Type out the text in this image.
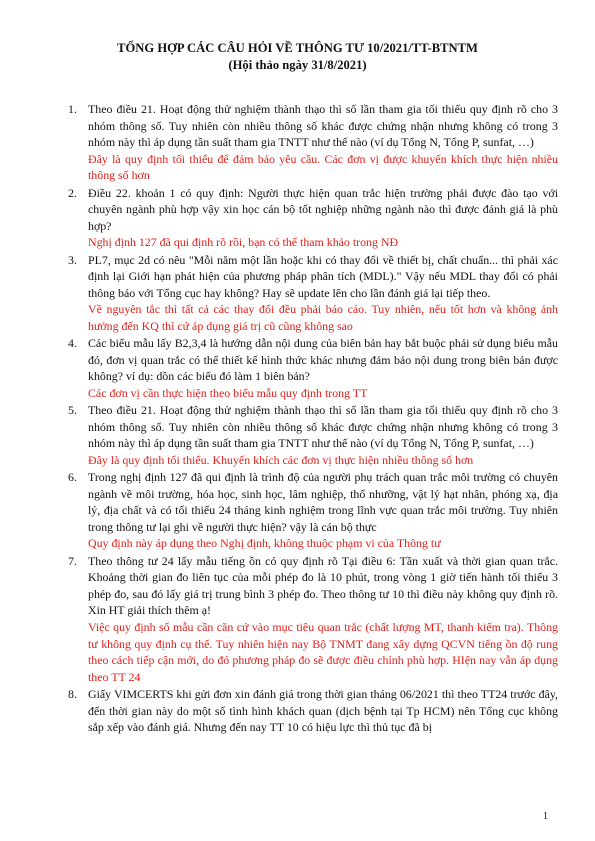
TỔNG HỢP CÁC CÂU HỎI VỀ THÔNG TƯ 10/2021/TT-BTNTM
(Hội thảo ngày 31/8/2021)
1. Theo điều 21. Hoạt động thử nghiệm thành thạo thì số lần tham gia tối thiểu quy định rõ cho 3 nhóm thông số. Tuy nhiên còn nhiều thông số khác được chứng nhận nhưng không có trong 3 nhóm này thì áp dụng tần suất tham gia TNTT như thế nào (ví dụ Tổng N, Tổng P, sunfat, …)
Đây là quy định tối thiểu để đảm bảo yêu cầu. Các đơn vị được khuyến khích thực hiện nhiều thông số hơn
2. Điều 22. khoản 1 có quy định: Người thực hiện quan trắc hiện trường phải được đào tạo với chuyên ngành phù hợp vậy xin học cán bộ tốt nghiệp những ngành nào thì được đánh giá là phù hợp?
Nghị định 127 đã qui định rõ rồi, bạn có thể tham khảo trong NĐ
3. PL7, mục 2d có nêu "Mỗi năm một lần hoặc khi có thay đổi về thiết bị, chất chuẩn... thì phải xác định lại Giới hạn phát hiện của phương pháp phân tích (MDL)." Vậy nếu MDL thay đổi có phải thông báo với Tổng cục hay không? Hay sẽ update lên cho lần đánh giá lại tiếp theo.
Về nguyên tắc thì tất cả các thay đổi đều phải báo cáo. Tuy nhiên, nếu tốt hơn và không ảnh hưởng đến KQ thì cứ áp dụng giá trị cũ cũng không sao
4. Các biểu mẫu lấy B2,3,4 là hướng dẫn nội dung của biên bản hay bắt buộc phải sử dụng biểu mẫu đó, đơn vị quan trắc có thể thiết kế hình thức khác nhưng đảm bảo nội dung trong biên bản được không? ví dụ: dồn các biểu đó làm 1 biên bản?
Các đơn vị cần thực hiện theo biểu mẫu quy định trong TT
5. Theo điều 21. Hoạt động thử nghiệm thành thạo thì số lần tham gia tối thiểu quy định rõ cho 3 nhóm thông số. Tuy nhiên còn nhiều thông số khác được chứng nhận nhưng không có trong 3 nhóm này thì áp dụng tần suất tham gia TNTT như thế nào (ví dụ Tổng N, Tổng P, sunfat, …)
Đây là quy định tối thiểu. Khuyến khích các đơn vị thực hiện nhiều thông số hơn
6. Trong nghị định 127 đã qui định là trình độ của người phụ trách quan trắc môi trường có chuyên ngành về môi trường, hóa học, sinh học, lâm nghiệp, thổ nhưỡng, vật lý hạt nhân, phóng xạ, địa lý, địa chất và có tối thiểu 24 tháng kinh nghiệm trong lĩnh vực quan trắc môi trường. Tuy nhiên trong thông tư lại ghi về người thực hiện? vậy là cán bộ thực
Quy định này áp dụng theo Nghị định, không thuộc phạm vi của Thông tư
7. Theo thông tư 24 lấy mẫu tiếng ồn có quy định rõ Tại điều 6: Tần xuất và thời gian quan trắc. Khoảng thời gian đo liên tục của mỗi phép đo là 10 phút, trong vòng 1 giờ tiến hành tối thiểu 3 phép đo, sau đó lấy giá trị trung bình 3 phép đo. Theo thông tư 10 thì điều này không quy định rõ. Xin HT giải thích thêm ạ!
Việc quy định số mẫu cần căn cứ vào mục tiêu quan trắc (chất lượng MT, thanh kiểm tra). Thông tư không quy định cụ thể. Tuy nhiên hiện nay Bộ TNMT đang xây dựng QCVN tiếng ồn độ rung theo cách tiếp cận mới, do đó phương pháp đo sẽ được điều chỉnh phù hợp. HIện nay vẫn áp dụng theo TT 24
8. Giấy VIMCERTS khi gửi đơn xin đánh giá trong thời gian tháng 06/2021 thì theo TT24 trước đây, đến thời gian này do một số tình hình khách quan (dịch bệnh tại Tp HCM) nên Tổng cục không sắp xếp vào đánh giá. Nhưng đến nay TT 10 có hiệu lực thì thủ tục đã bị
1
